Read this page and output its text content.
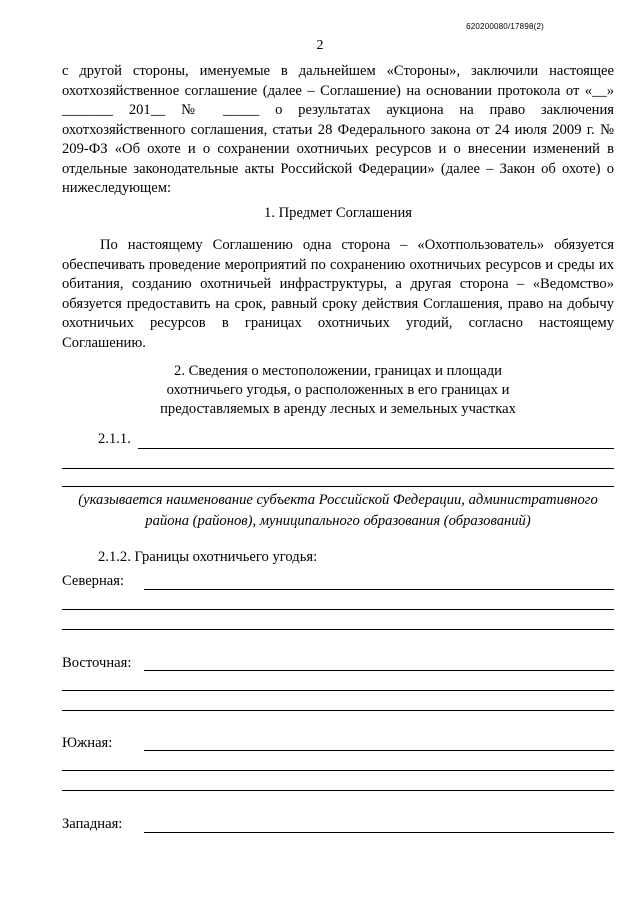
620200080/17898(2)
2

с другой стороны, именуемые в дальнейшем «Стороны», заключили настоящее охотхозяйственное соглашение (далее – Соглашение) на основании протокола от «__» _______ 201__ № _____ о результатах аукциона на право заключения охотхозяйственного соглашения, статьи 28 Федерального закона от 24 июля 2009 г. № 209-ФЗ «Об охоте и о сохранении охотничьих ресурсов и о внесении изменений в отдельные законодательные акты Российской Федерации» (далее – Закон об охоте) о нижеследующем:

1. Предмет Соглашения

По настоящему Соглашению одна сторона – «Охотпользователь» обязуется обеспечивать проведение мероприятий по сохранению охотничьих ресурсов и среды их обитания, созданию охотничьей инфраструктуры, а другая сторона – «Ведомство» обязуется предоставить на срок, равный сроку действия Соглашения, право на добычу охотничьих ресурсов в границах охотничьих угодий, согласно настоящему Соглашению.

2. Сведения о местоположении, границах и площади

охотничьего угодья, о расположенных в его границах и

предоставляемых в аренду лесных и земельных участках

2.1.1.

(указывается наименование субъекта Российской Федерации, административного

района (районов), муниципального образования (образований)

2.1.2. Границы охотничьего угодья:
Северная:
Восточная:
Южная:
Западная:
